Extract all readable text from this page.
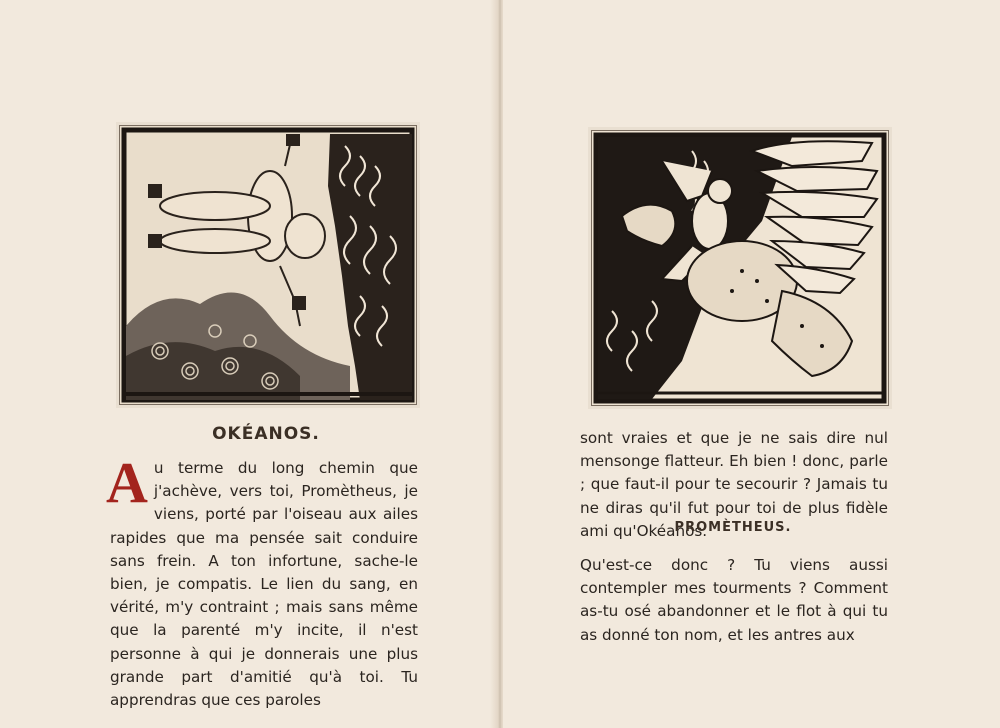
OKÉANOS.

Au terme du long chemin que j'achève, vers toi, Promètheus, je viens, porté par l'oiseau aux ailes rapides que ma pensée sait conduire sans frein. A ton infortune, sache-le bien, je compatis. Le lien du sang, en vérité, m'y contraint ; mais sans même que la parenté m'y incite, il n'est personne à qui je donnerais une plus grande part d'amitié qu'à toi. Tu apprendras que ces paroles

sont vraies et que je ne sais dire nul mensonge flatteur. Eh bien ! donc, parle ; que faut-il pour te secourir ? Jamais tu ne diras qu'il fut pour toi de plus fidèle ami qu'Okéanos.
PROMÈTHEUS.
Qu'est-ce donc ? Tu viens aussi contempler mes tourments ? Comment as-tu osé abandonner et le flot à qui tu as donné ton nom, et les antres aux
